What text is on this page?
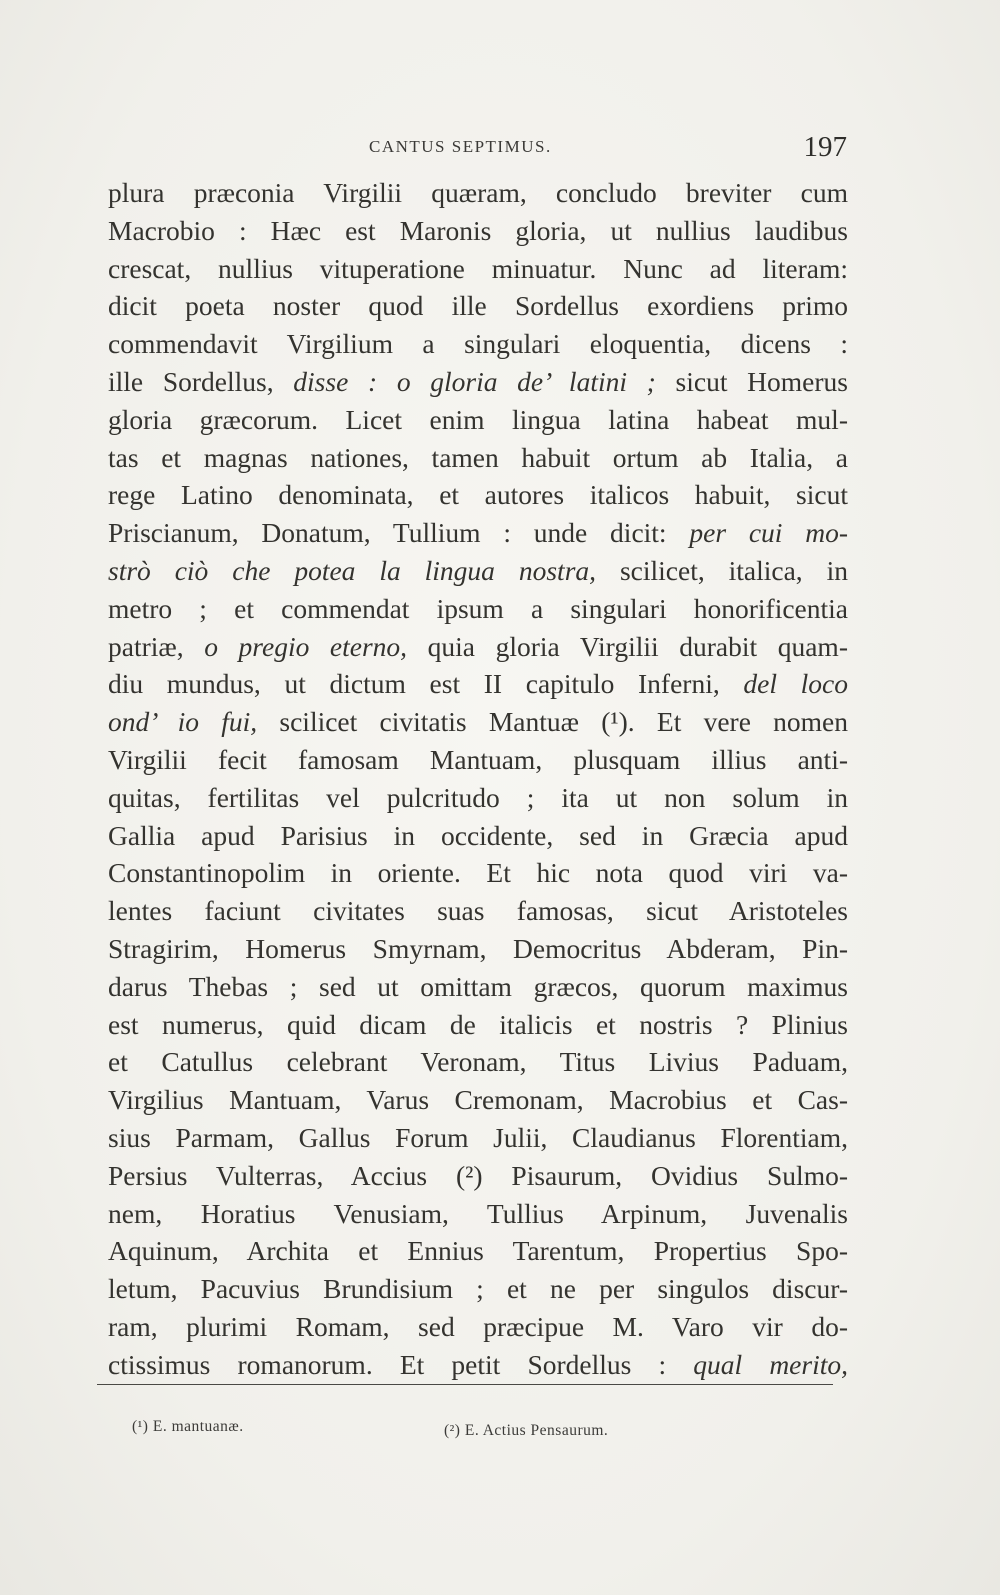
CANTUS SEPTIMUS.	197
plura præconia Virgilii quæram, concludo breviter cum
Macrobio : Hæc est Maronis gloria, ut nullius laudibus
crescat, nullius vituperatione minuatur. Nunc ad literam:
dicit poeta noster quod ille Sordellus exordiens primo
commendavit Virgilium a singulari eloquentia, dicens :
ille Sordellus, disse : o gloria de’ latini ; sicut Homerus
gloria græcorum. Licet enim lingua latina habeat mul-
tas et magnas nationes, tamen habuit ortum ab Italia, a
rege Latino denominata, et autores italicos habuit, sicut
Priscianum, Donatum, Tullium : unde dicit: per cui mo-
strò ciò che potea la lingua nostra, scilicet, italica, in
metro ; et commendat ipsum a singulari honorificentia
patriæ, o pregio eterno, quia gloria Virgilii durabit quam-
diu mundus, ut dictum est II capitulo Inferni, del loco
ond’ io fui, scilicet civitatis Mantuæ (¹). Et vere nomen
Virgilii fecit famosam Mantuam, plusquam illius anti-
quitas, fertilitas vel pulcritudo ; ita ut non solum in
Gallia apud Parisius in occidente, sed in Græcia apud
Constantinopolim in oriente. Et hic nota quod viri va-
lentes faciunt civitates suas famosas, sicut Aristoteles
Stragirim, Homerus Smyrnam, Democritus Abderam, Pin-
darus Thebas ; sed ut omittam græcos, quorum maximus
est numerus, quid dicam de italicis et nostris ? Plinius
et Catullus celebrant Veronam, Titus Livius Paduam,
Virgilius Mantuam, Varus Cremonam, Macrobius et Cas-
sius Parmam, Gallus Forum Julii, Claudianus Florentiam,
Persius Vulterras, Accius (²) Pisaurum, Ovidius Sulmo-
nem, Horatius Venusiam, Tullius Arpinum, Juvenalis
Aquinum, Archita et Ennius Tarentum, Propertius Spo-
letum, Pacuvius Brundisium ; et ne per singulos discur-
ram, plurimi Romam, sed præcipue M. Varo vir do-
ctissimus romanorum. Et petit Sordellus : qual merito,
(¹) E. mantuanæ.	(²) E. Actius Pensaurum.
